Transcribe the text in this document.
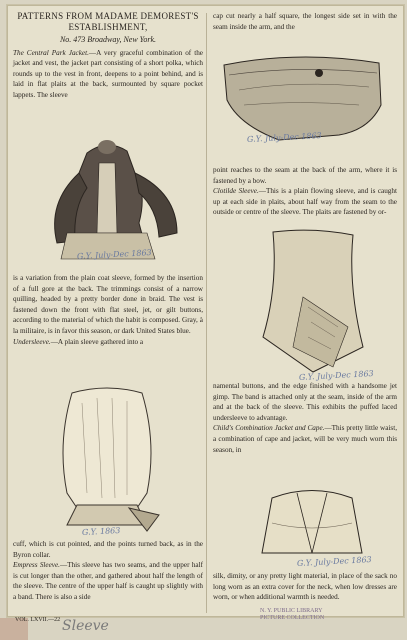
PATTERNS FROM MADAME DEMOREST'S ESTABLISHMENT,

No. 473 Broadway, New York.

The Central Park Jacket.—A very graceful combination of the jacket and vest, the jacket part consisting of a short polka, which rounds up to the vest in front, deepens to a point behind, and is laid in flat plaits at the back, surmounted by square pocket lappets. The sleeve

G.Y. July-Dec 1863

is a variation from the plain coat sleeve, formed by the insertion of a full gore at the back. The trimmings consist of a narrow quilling, headed by a pretty border done in braid. The vest is fastened down the front with flat steel, jet, or gilt buttons, according to the material of which the habit is composed. Gray, à la militaire, is in favor this season, or dark United States blue.

Undersleeve.—A plain sleeve gathered into a

G.Y. 1863

cuff, which is cut pointed, and the points turned back, as in the Byron collar.

Empress Sleeve.—This sleeve has two seams, and the upper half is cut longer than the other, and gathered about half the length of the sleeve. The centre of the upper half is caught up slightly with a band. There is also a side

VOL. LXVII.—22

cap cut nearly a half square, the longest side set in with the seam inside the arm, and the

G.Y. July-Dec 1863

point reaches to the seam at the back of the arm, where it is fastened by a bow.

Clotilde Sleeve.—This is a plain flowing sleeve, and is caught up at each side in plaits, about half way from the seam to the outside or centre of the sleeve. The plaits are fastened by or-

G.Y. July-Dec 1863

namental buttons, and the edge finished with a handsome jet gimp. The band is attached only at the seam, inside of the arm and at the back of the sleeve. This exhibits the puffed laced undersleeve to advantage.

Child's Combination Jacket and Cape.—This pretty little waist, a combination of cape and jacket, will be very much worn this season, in

G.Y. July-Dec 1863

silk, dimity, or any pretty light material, in place of the sack no long worn as an extra cover for the neck, when low dresses are worn, or when additional warmth is needed.

N. Y. PUBLIC LIBRARY
PICTURE COLLECTION
Sleeve
